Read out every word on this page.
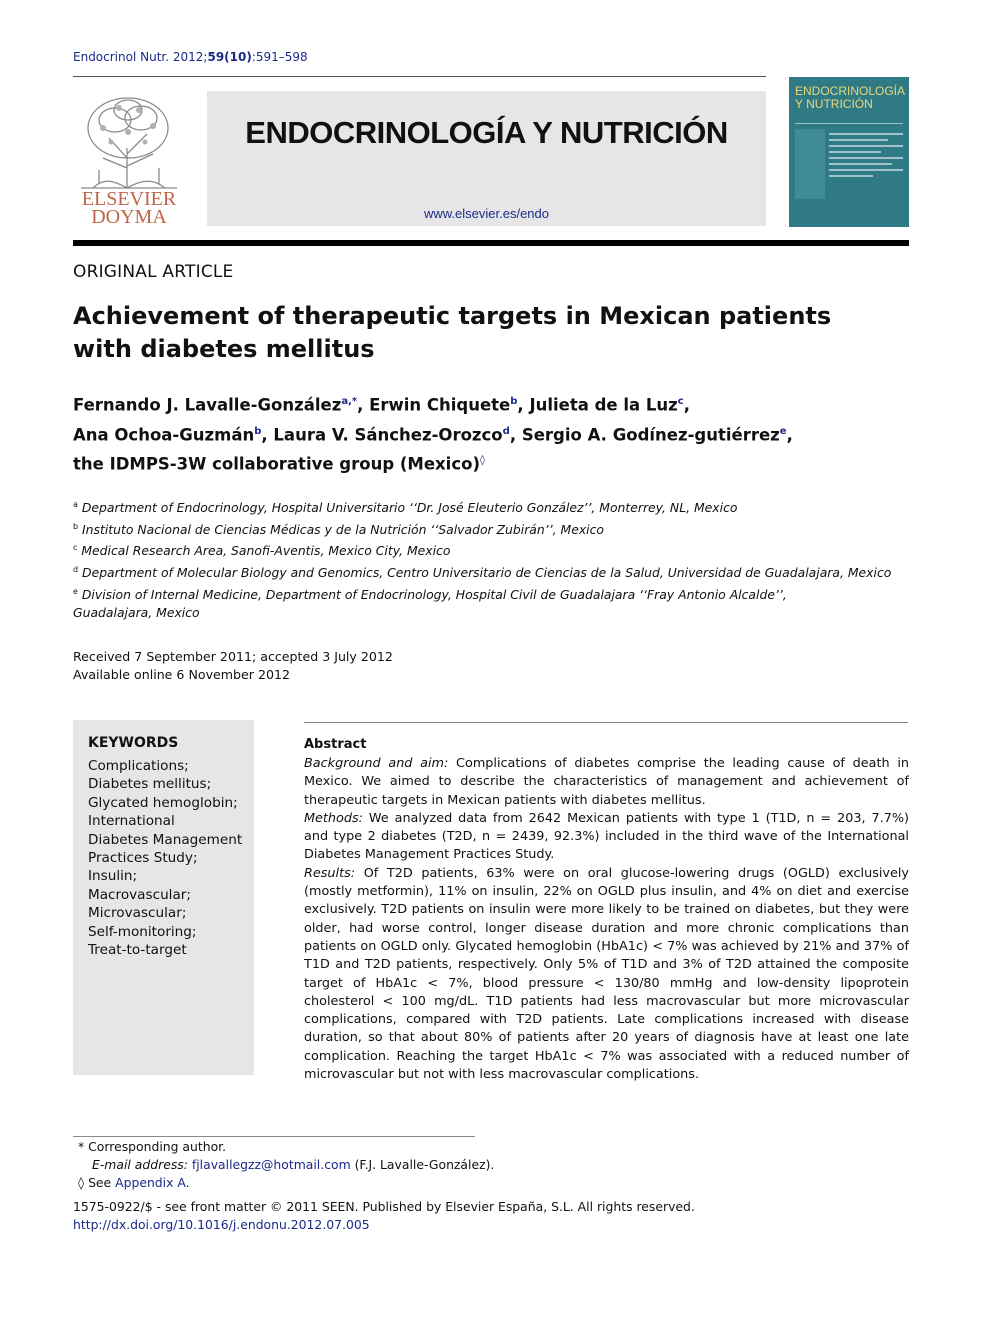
Endocrinol Nutr. 2012;59(10):591–598
ELSEVIER
DOYMA
ENDOCRINOLOGÍA Y NUTRICIÓN
www.elsevier.es/endo
ENDOCRINOLOGÍA
Y NUTRICIÓN
ORIGINAL ARTICLE
Achievement of therapeutic targets in Mexican patients with diabetes mellitus
Fernando J. Lavalle-González$^{a,*}$, Erwin Chiquete$^b$, Julieta de la Luz$^c$,
Ana Ochoa-Guzmán$^b$, Laura V. Sánchez-Orozco$^d$, Sergio A. Godínez-gutiérrez$^e$,
the IDMPS-3W collaborative group (Mexico)◊
$^a$ Department of Endocrinology, Hospital Universitario ‘‘Dr. José Eleuterio González’’, Monterrey, NL, Mexico
$^b$ Instituto Nacional de Ciencias Médicas y de la Nutrición ‘‘Salvador Zubirán’’, Mexico
$^c$ Medical Research Area, Sanofi-Aventis, Mexico City, Mexico
$^d$ Department of Molecular Biology and Genomics, Centro Universitario de Ciencias de la Salud, Universidad de Guadalajara, Mexico
$^e$ Division of Internal Medicine, Department of Endocrinology, Hospital Civil de Guadalajara ‘‘Fray Antonio Alcalde’’, Guadalajara, Mexico
Received 7 September 2011; accepted 3 July 2012
Available online 6 November 2012
KEYWORDS
Complications;
Diabetes mellitus;
Glycated hemoglobin;
International
Diabetes Management
Practices Study;
Insulin;
Macrovascular;
Microvascular;
Self-monitoring;
Treat-to-target
Abstract

Background and aim: Complications of diabetes comprise the leading cause of death in Mexico. We aimed to describe the characteristics of management and achievement of therapeutic targets in Mexican patients with diabetes mellitus.

Methods: We analyzed data from 2642 Mexican patients with type 1 (T1D, n = 203, 7.7%) and type 2 diabetes (T2D, n = 2439, 92.3%) included in the third wave of the International Diabetes Management Practices Study.

Results: Of T2D patients, 63% were on oral glucose-lowering drugs (OGLD) exclusively (mostly metformin), 11% on insulin, 22% on OGLD plus insulin, and 4% on diet and exercise exclusively. T2D patients on insulin were more likely to be trained on diabetes, but they were older, had worse control, longer disease duration and more chronic complications than patients on OGLD only. Glycated hemoglobin (HbA1c) < 7% was achieved by 21% and 37% of T1D and T2D patients, respectively. Only 5% of T1D and 3% of T2D attained the composite target of HbA1c < 7%, blood pressure < 130/80 mmHg and low-density lipoprotein cholesterol < 100 mg/dL. T1D patients had less macrovascular but more microvascular complications, compared with T2D patients. Late complications increased with disease duration, so that about 80% of patients after 20 years of diagnosis have at least one late complication. Reaching the target HbA1c < 7% was associated with a reduced number of microvascular but not with less macrovascular complications.

* Corresponding author.
E-mail address: fjlavallegzz@hotmail.com (F.J. Lavalle-González).
◊ See Appendix A.
1575-0922/$ - see front matter © 2011 SEEN. Published by Elsevier España, S.L. All rights reserved.
http://dx.doi.org/10.1016/j.endonu.2012.07.005
